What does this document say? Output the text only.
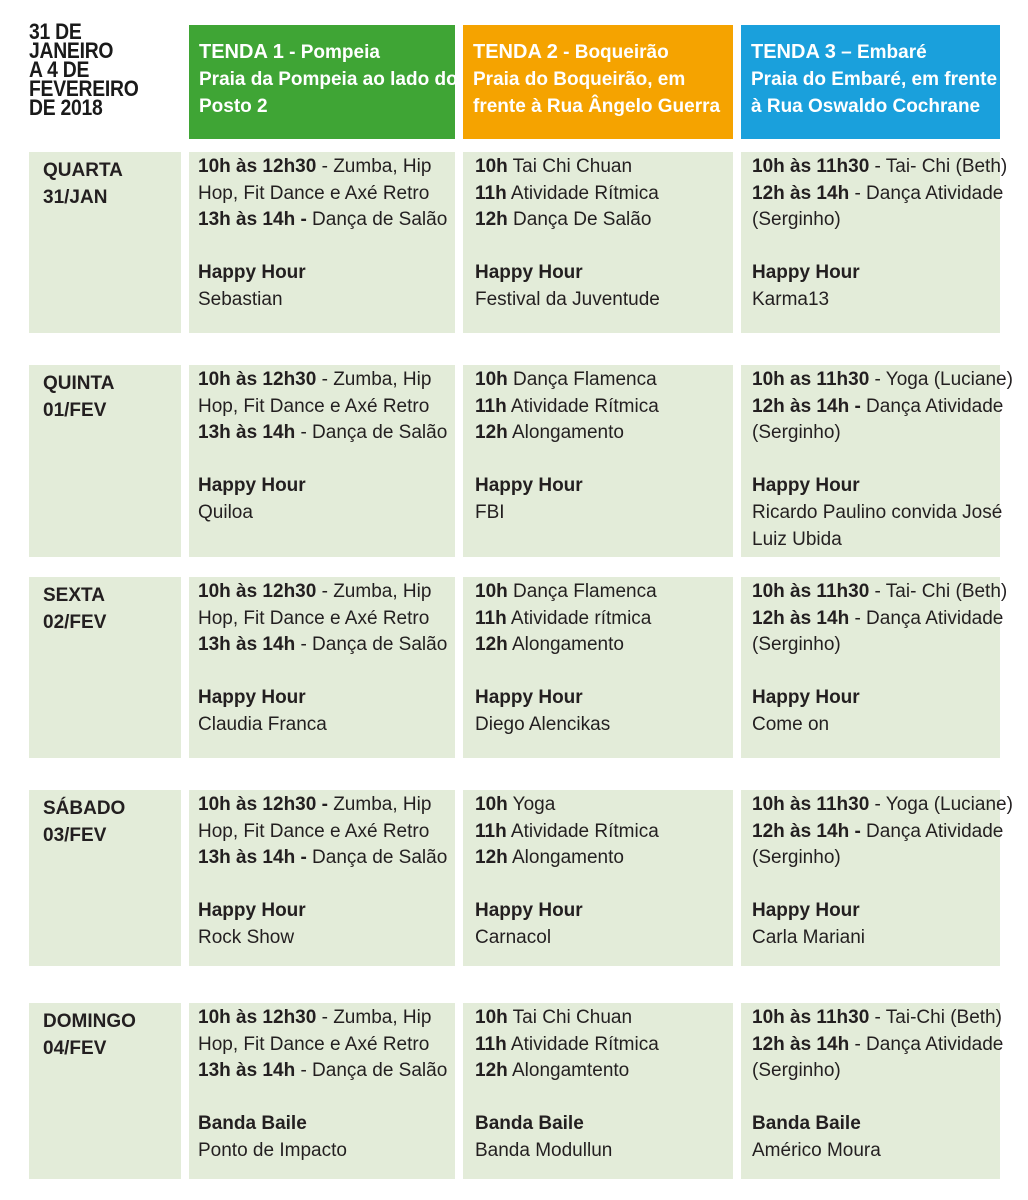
31 DE
JANEIRO
A 4 DE
FEVEREIRO
DE 2018
TENDA 1 - Pompeia
Praia da Pompeia ao lado do
Posto 2
TENDA 2 - Boqueirão
Praia do Boqueirão, em
frente à Rua Ângelo Guerra
TENDA 3 – Embaré
Praia do Embaré, em frente
à Rua Oswaldo Cochrane
QUARTA
31/JAN
10h às 12h30 - Zumba, Hip
Hop, Fit Dance e Axé Retro
13h às 14h - Dança de Salão
Happy Hour
Sebastian
10h Tai Chi Chuan
11h Atividade Rítmica
12h Dança De Salão
Happy Hour
Festival da Juventude
10h às 11h30 - Tai- Chi (Beth)
12h às 14h - Dança Atividade
(Serginho)
Happy Hour
Karma13
QUINTA
01/FEV
10h às 12h30 - Zumba, Hip
Hop, Fit Dance e Axé Retro
13h às 14h - Dança de Salão
Happy Hour
Quiloa
10h Dança Flamenca
11h Atividade Rítmica
12h Alongamento
Happy Hour
FBI
10h as 11h30 - Yoga (Luciane)
12h às 14h - Dança Atividade
(Serginho)
Happy Hour
Ricardo Paulino convida José
Luiz Ubida
SEXTA
02/FEV
10h às 12h30 - Zumba, Hip
Hop, Fit Dance e Axé Retro
13h às 14h - Dança de Salão
Happy Hour
Claudia Franca
10h Dança Flamenca
11h Atividade rítmica
12h Alongamento
Happy Hour
Diego Alencikas
10h às 11h30 - Tai- Chi (Beth)
12h às 14h - Dança Atividade
(Serginho)
Happy Hour
Come on
SÁBADO
03/FEV
10h às 12h30 - Zumba, Hip
Hop, Fit Dance e Axé Retro
13h às 14h - Dança de Salão
Happy Hour
Rock Show
10h Yoga
11h Atividade Rítmica
12h Alongamento
Happy Hour
Carnacol
10h às 11h30 - Yoga (Luciane)
12h às 14h - Dança Atividade
(Serginho)
Happy Hour
Carla Mariani
DOMINGO
04/FEV
10h às 12h30 - Zumba, Hip
Hop, Fit Dance e Axé Retro
13h às 14h - Dança de Salão
Banda Baile
Ponto de Impacto
10h Tai Chi Chuan
11h Atividade Rítmica
12h Alongamtento
Banda Baile
Banda Modullun
10h às 11h30 - Tai-Chi (Beth)
12h às 14h - Dança Atividade
(Serginho)
Banda Baile
Américo Moura
